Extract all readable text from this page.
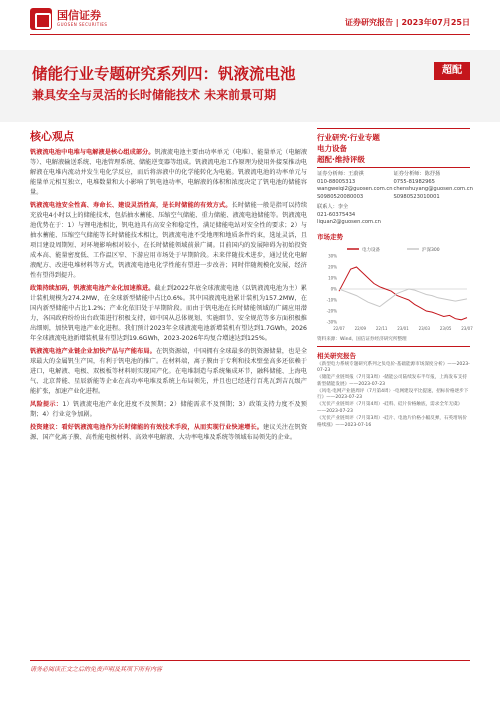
国信证券
GUOSEN SECURITIES	证券研究报告 | 2023年07月25日
储能行业专题研究系列四：钒液流电池
兼具安全与灵活的长时储能技术 未来前景可期
超配
核心观点
钒液流电池中电堆与电解液是核心组成部分。钒液流电池主要由功率单元（电堆）、能量单元（电解液等）、电解液输送系统、电池管理系统、储能逆变器等组成。钒液流电池工作原理为使用外接泵推动电解液在电堆内流动并发生电化学反应，而后将溶液中的化学能转化为电能。钒液流电池的功率单元与能量单元相互独立，电堆数量和大小影响了钒电池功率，电解液的体积和浓度决定了钒电池的储能容量。
钒液流电池安全性高、寿命长、建设灵活性高，是长时储能的有效方式。长时储能一般是指可以持续充放电4小时以上的储能技术，包括抽水蓄能、压缩空气储能、重力储能、液流电池储能等。钒液流电池优势在于：1）与锂电池相比，钒电池具有高安全和稳定性，满足储能电站对安全性的要求；2）与抽水蓄能、压缩空气储能等长时储能技术相比，钒液流电池不受地理和地质条件约束，选址灵活，且项目建设周期短、对环境影响相对较小，在长时储能领域前景广阔。目前国内的发展障碍为初始投资成本高、能量密度低、工作温区窄、下游应用市场处于早期阶段。未来伴随技术进步，通过优化电解液配方、改进电堆材料等方式，钒液流电池电化学性能有望进一步改善；同时伴随规模化发展，经济性有望得到提升。
政策持续加码，钒液流电池产业化加速推进。截止到2022年底全球液流电池（以钒液流电池为主）累计装机规模为274.2MW，在全球新型储能中占比0.6%。其中国液流电池累计装机为157.2MW，在国内新型储能中占比1.2%；产业化依旧处于早期阶段。而由于钒电池在长时储能领域的广阔应用潜力，各国政府纷纷出台政策进行积极支持，如中国从总体规划、实施细节、安全规范等多方面积极推出细则，加快钒电池产业化进程。我们预计2023年全球液流电池新增装机有望达到1.7GWh，2026年全球液流电池新增装机量有望达到19.6GWh，2023-2026年均复合增速达到125%。
钒液流电池产业链企业加快产品与产能布局。在钒资源端，中国拥有全球最多的钒资源储量，也是全球最大的金属钒生产国，有利于钒电池的推广。在材料端，离子膜由于专利和技术壁垒高多还依赖于进口，电解液、电极、双极板等材料则实现国产化。在电堆制造与系统集成环节，融科储能、上海电气、北京普能、星辰新能等企业在高功率电堆及系统上布局领先，并且也已经进行百兆瓦到吉瓦级产能扩张，加速产业化进程。
风险提示：1）钒液流电池产业化进度不及预期；2）储能需求不及预期；3）政策支持力度不及预期；4）行业竞争加剧。
投资建议：看好钒液流电池作为长时储能的有效技术手段，从而实现行业快速增长。建议关注在钒资源、国产化离子膜、高性能电极材料、高效率电解液、大功率电堆及系统等领域布局领先的企业。
行业研究·行业专题
电力设备
超配·维持评级
证券分析师：王蔚祺
010-88005313
wangweiqi2@guosen.com.cn
S0980520080003
证券分析师：陈抒扬
0755-81982965
chenshuyang@guosen.com.cn
S0980523010001
联系人：李全
021-60375434
liquan2@guosen.com.cn
市场走势
电力设备	沪深300
30%
20%
10%
0%
-10%
-20%
-30%
22/07 22/09 22/11 23/01 23/03 23/05 23/07
资料来源：Wind、国信证券经济研究所整理
相关研究报告
《新型电力系统专题研究系列之负电价-基础能源市场深度分析》——2023-07-23
《储能产业链周报（7月第3周）-储能公司陆续发布半年报，上海发布支持新型储能发展》——2023-07-23
《风电·电网产业链周评（7月第4周）-电网建设平比提速，招标价格逐步下行》——2023-07-23
《光伏产业链周评（7月第4周）-硅料、硅片价格触底，需求全年无虞》——2023-07-23
《光伏产业链周评（7月第3周）-硅片、电池片价格小幅反弹，石英坩埚价格续涨》——2023-07-16
请务必阅读正文之后的免责声明及其项下所有内容
